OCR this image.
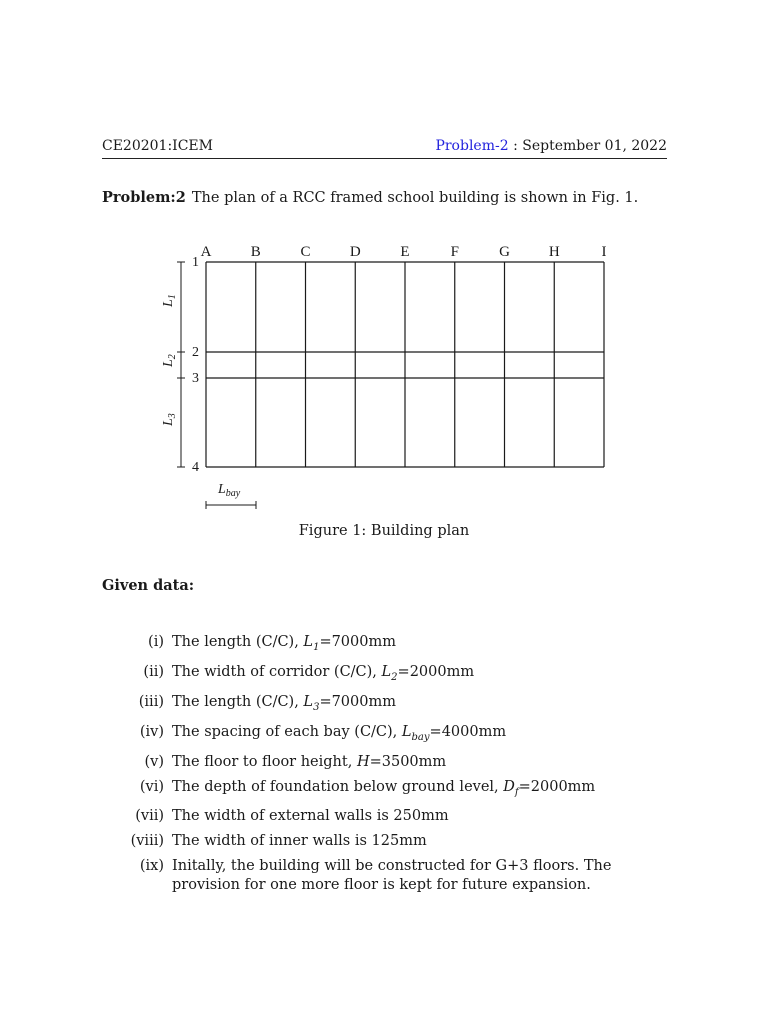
CE20201:ICEM	Problem-2 : September 01, 2022
Problem:2 The plan of a RCC framed school building is shown in Fig. 1.
A	B	C	D	E	F	G	H	I
1
2
3
4
$L_1$
$L_2$
$L_3$
$L_{bay}$
Figure 1: Building plan
Given data:
(i) The length (C/C), $L_1=7000mm$
(ii) The width of corridor (C/C), $L_2=2000mm$
(iii) The length (C/C), $L_3=7000mm$
(iv) The spacing of each bay (C/C), $L_{bay}=4000mm$
(v) The floor to floor height, H=3500mm
(vi) The depth of foundation below ground level, $D_f=2000mm$
(vii) The width of external walls is 250mm
(viii) The width of inner walls is 125mm
(ix) Initally, the building will be constructed for G+3 floors. The provision for one more floor is kept for future expansion.
